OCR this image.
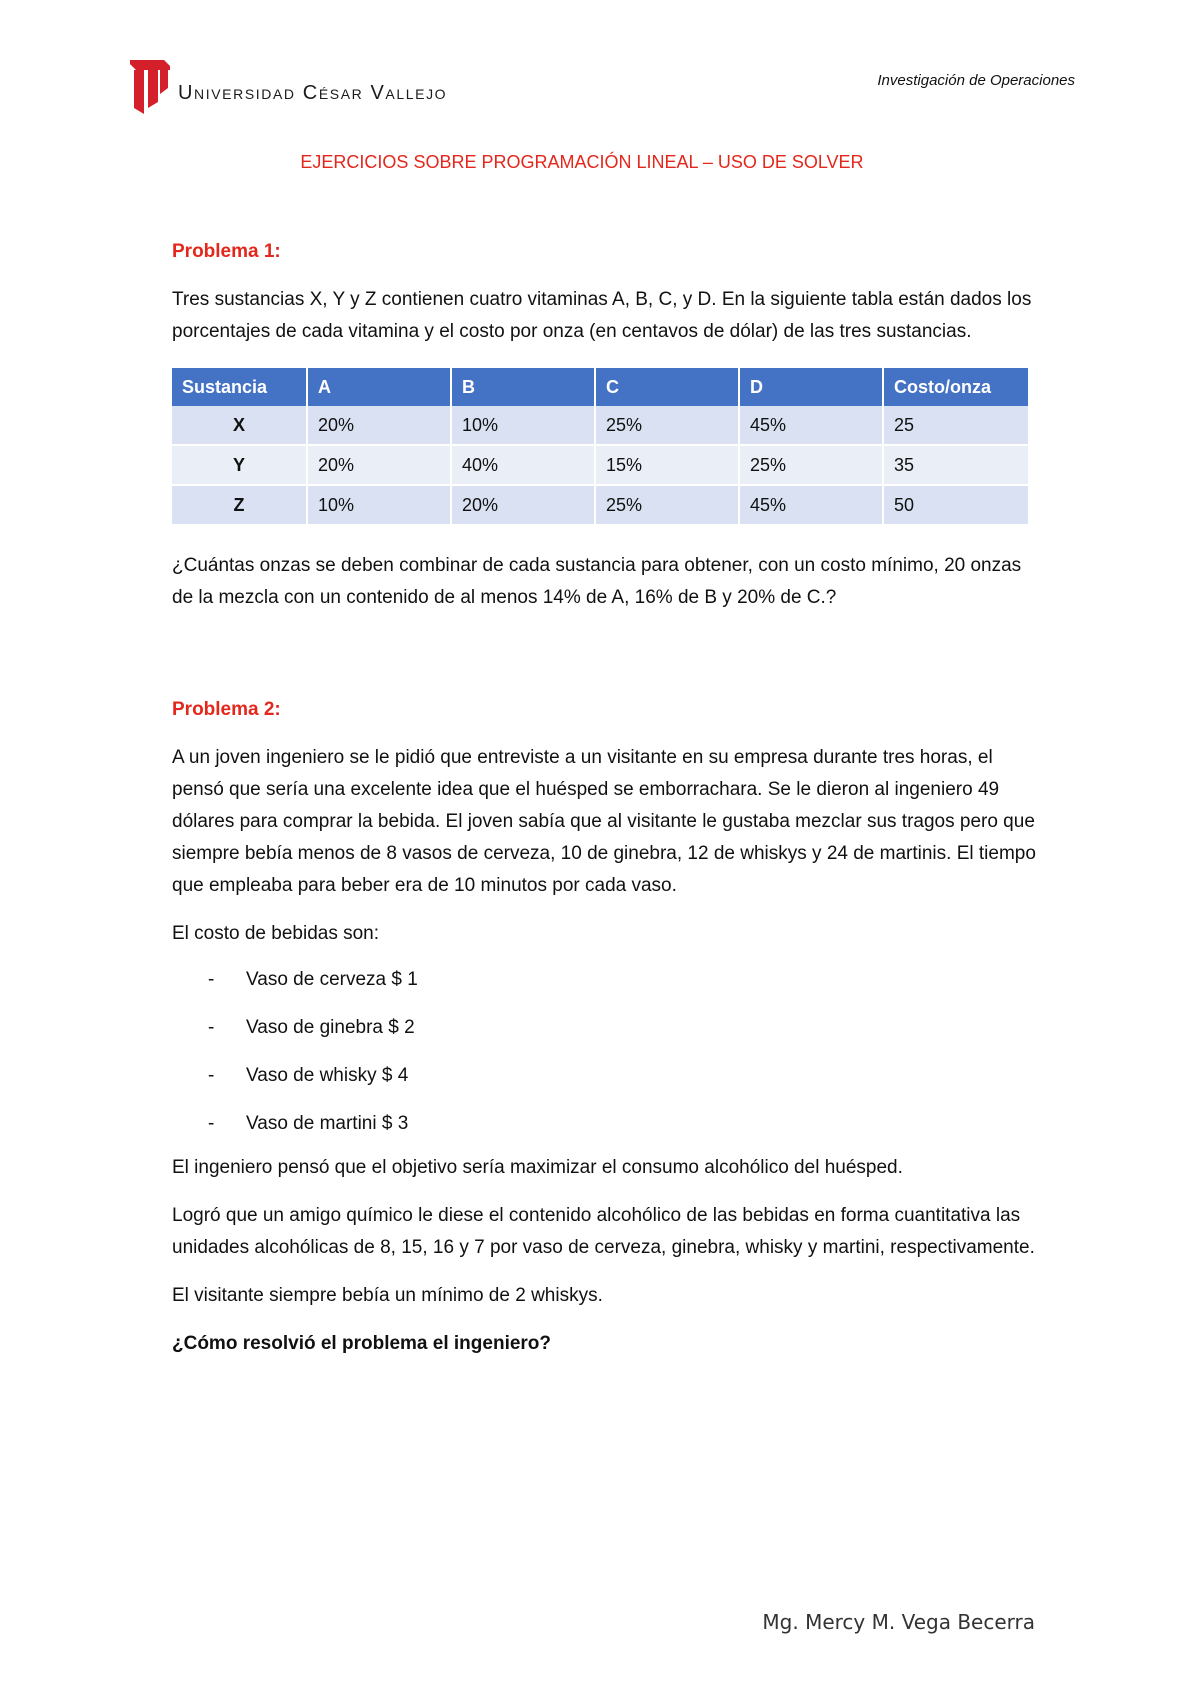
Universidad César Vallejo
Investigación de Operaciones

EJERCICIOS SOBRE PROGRAMACIÓN LINEAL – USO DE SOLVER

Problema 1:

Tres sustancias X, Y y Z contienen cuatro vitaminas A, B, C, y D. En la siguiente tabla están dados los porcentajes de cada vitamina y el costo por onza (en centavos de dólar) de las tres sustancias.

Sustancia	A	B	C	D	Costo/onza
X	20%	10%	25%	45%	25
Y	20%	40%	15%	25%	35
Z	10%	20%	25%	45%	50

¿Cuántas onzas se deben combinar de cada sustancia para obtener, con un costo mínimo, 20 onzas de la mezcla con un contenido de al menos 14% de A, 16% de B y 20% de C.?

Problema 2:

A un joven ingeniero se le pidió que entreviste a un visitante en su empresa durante tres horas, el pensó que sería una excelente idea que el huésped se emborrachara. Se le dieron al ingeniero 49 dólares para comprar la bebida. El joven sabía que al visitante le gustaba mezclar sus tragos pero que siempre bebía menos de 8 vasos de cerveza, 10 de ginebra, 12 de whiskys y 24 de martinis. El tiempo que empleaba para beber era de 10 minutos por cada vaso.

El costo de bebidas son:

- Vaso de cerveza $ 1
- Vaso de ginebra $ 2
- Vaso de whisky $ 4
- Vaso de martini $ 3

El ingeniero pensó que el objetivo sería maximizar el consumo alcohólico del huésped.

Logró que un amigo químico le diese el contenido alcohólico de las bebidas en forma cuantitativa las unidades alcohólicas de 8, 15, 16 y 7 por vaso de cerveza, ginebra, whisky y martini, respectivamente.

El visitante siempre bebía un mínimo de 2 whiskys.

¿Cómo resolvió el problema el ingeniero?

Mg. Mercy M. Vega Becerra
